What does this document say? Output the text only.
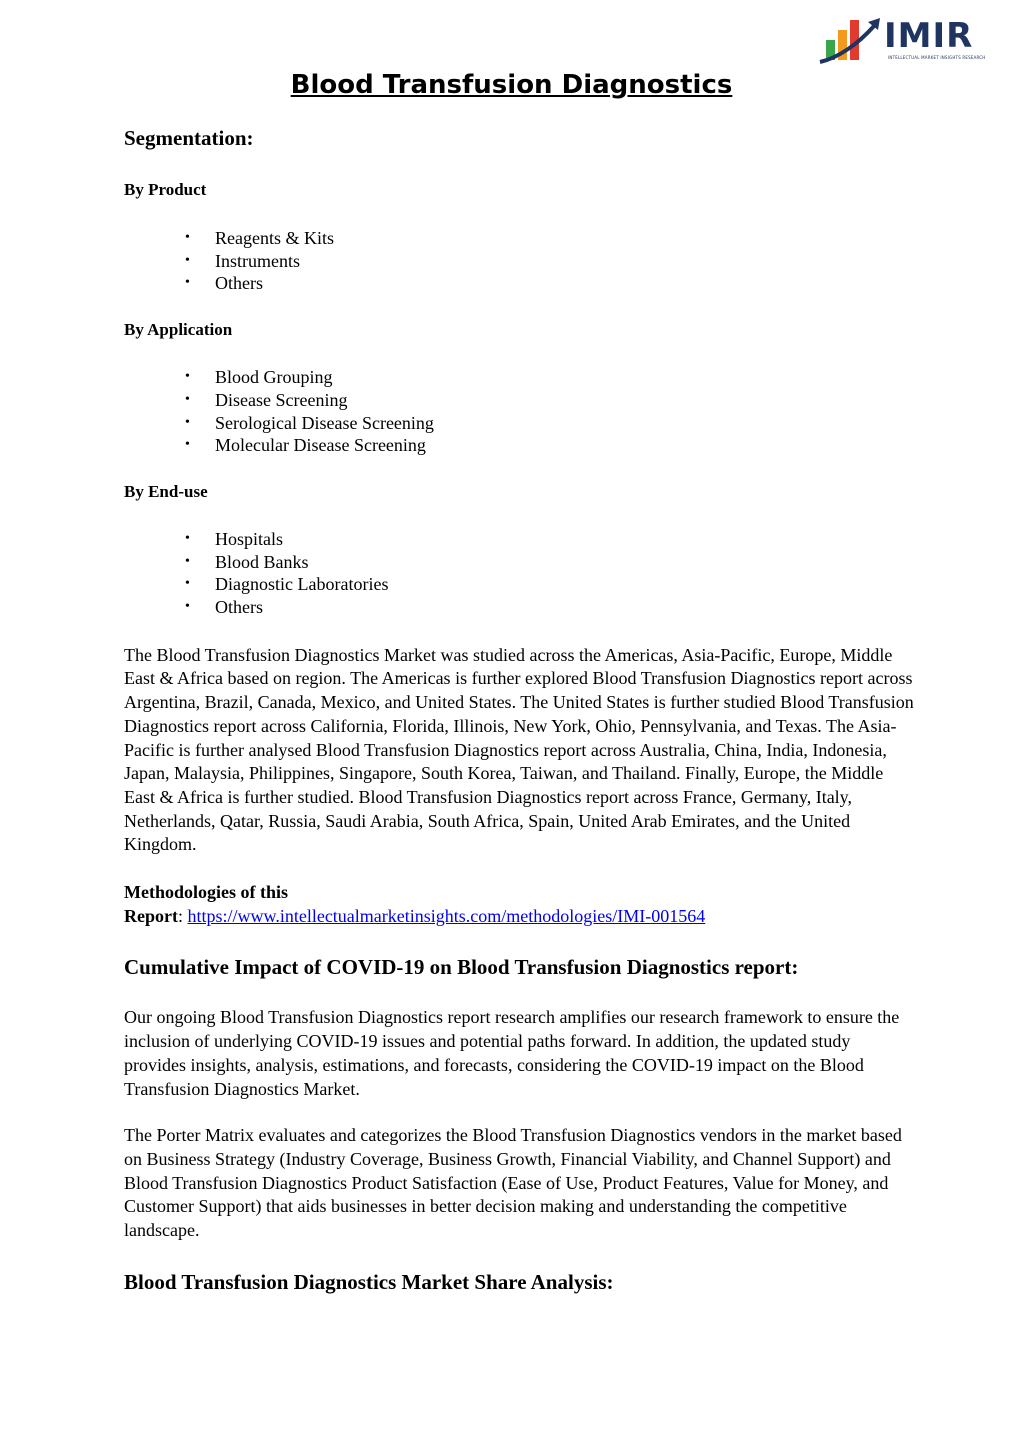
IMIR
INTELLECTUAL MARKET INSIGHTS RESEARCH
Blood Transfusion Diagnostics
Segmentation:
By Product
• Reagents & Kits
• Instruments
• Others
By Application
• Blood Grouping
• Disease Screening
• Serological Disease Screening
• Molecular Disease Screening
By End-use
• Hospitals
• Blood Banks
• Diagnostic Laboratories
• Others

The Blood Transfusion Diagnostics Market was studied across the Americas, Asia-Pacific, Europe, Middle East & Africa based on region. The Americas is further explored Blood Transfusion Diagnostics report across Argentina, Brazil, Canada, Mexico, and United States. The United States is further studied Blood Transfusion Diagnostics report across California, Florida, Illinois, New York, Ohio, Pennsylvania, and Texas. The Asia-Pacific is further analysed Blood Transfusion Diagnostics report across Australia, China, India, Indonesia, Japan, Malaysia, Philippines, Singapore, South Korea, Taiwan, and Thailand. Finally, Europe, the Middle East & Africa is further studied. Blood Transfusion Diagnostics report across France, Germany, Italy, Netherlands, Qatar, Russia, Saudi Arabia, South Africa, Spain, United Arab Emirates, and the United Kingdom.

Methodologies of this
Report: https://www.intellectualmarketinsights.com/methodologies/IMI-001564

Cumulative Impact of COVID-19 on Blood Transfusion Diagnostics report:

Our ongoing Blood Transfusion Diagnostics report research amplifies our research framework to ensure the inclusion of underlying COVID-19 issues and potential paths forward. In addition, the updated study provides insights, analysis, estimations, and forecasts, considering the COVID-19 impact on the Blood Transfusion Diagnostics Market.

The Porter Matrix evaluates and categorizes the Blood Transfusion Diagnostics vendors in the market based on Business Strategy (Industry Coverage, Business Growth, Financial Viability, and Channel Support) and Blood Transfusion Diagnostics Product Satisfaction (Ease of Use, Product Features, Value for Money, and Customer Support) that aids businesses in better decision making and understanding the competitive landscape.

Blood Transfusion Diagnostics Market Share Analysis:
